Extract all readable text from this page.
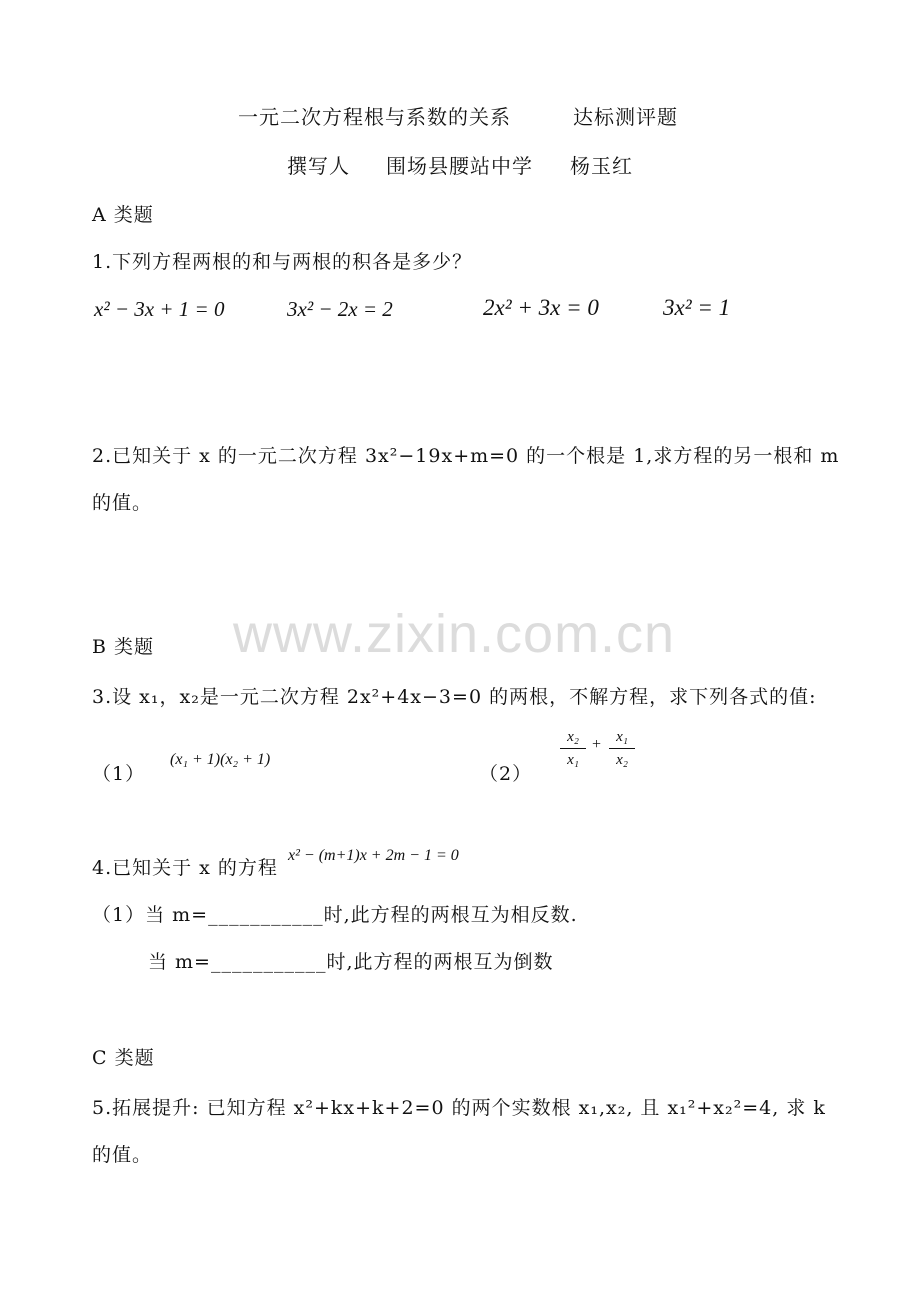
一元二次方程根与系数的关系	达标测评题
撰写人 围场县腰站中学 杨玉红
A 类题
1.下列方程两根的和与两根的积各是多少？
x² − 3x + 1 = 0	3x² − 2x = 2	2x² + 3x = 0	3x² = 1
2.已知关于 x 的一元二次方程 3x²−19x+m=0 的一个根是 1,求方程的另一根和 m
的值。
www.zixin.com.cn
B 类题
3.设 x₁，x₂是一元二次方程 2x²+4x−3=0 的两根，不解方程，求下列各式的值:
（1）
(x₁ + 1)(x₂ + 1)
（2）
x₂
x₁
+	x₁
x₂
4.已知关于 x 的方程
x² − (m+1)x + 2m − 1 = 0
（1）当 m=___________时,此方程的两根互为相反数.
当 m=___________时,此方程的两根互为倒数
C 类题
5.拓展提升: 已知方程 x²+kx+k+2=0 的两个实数根 x₁,x₂, 且 x₁²+x₂²=4, 求 k
的值。
